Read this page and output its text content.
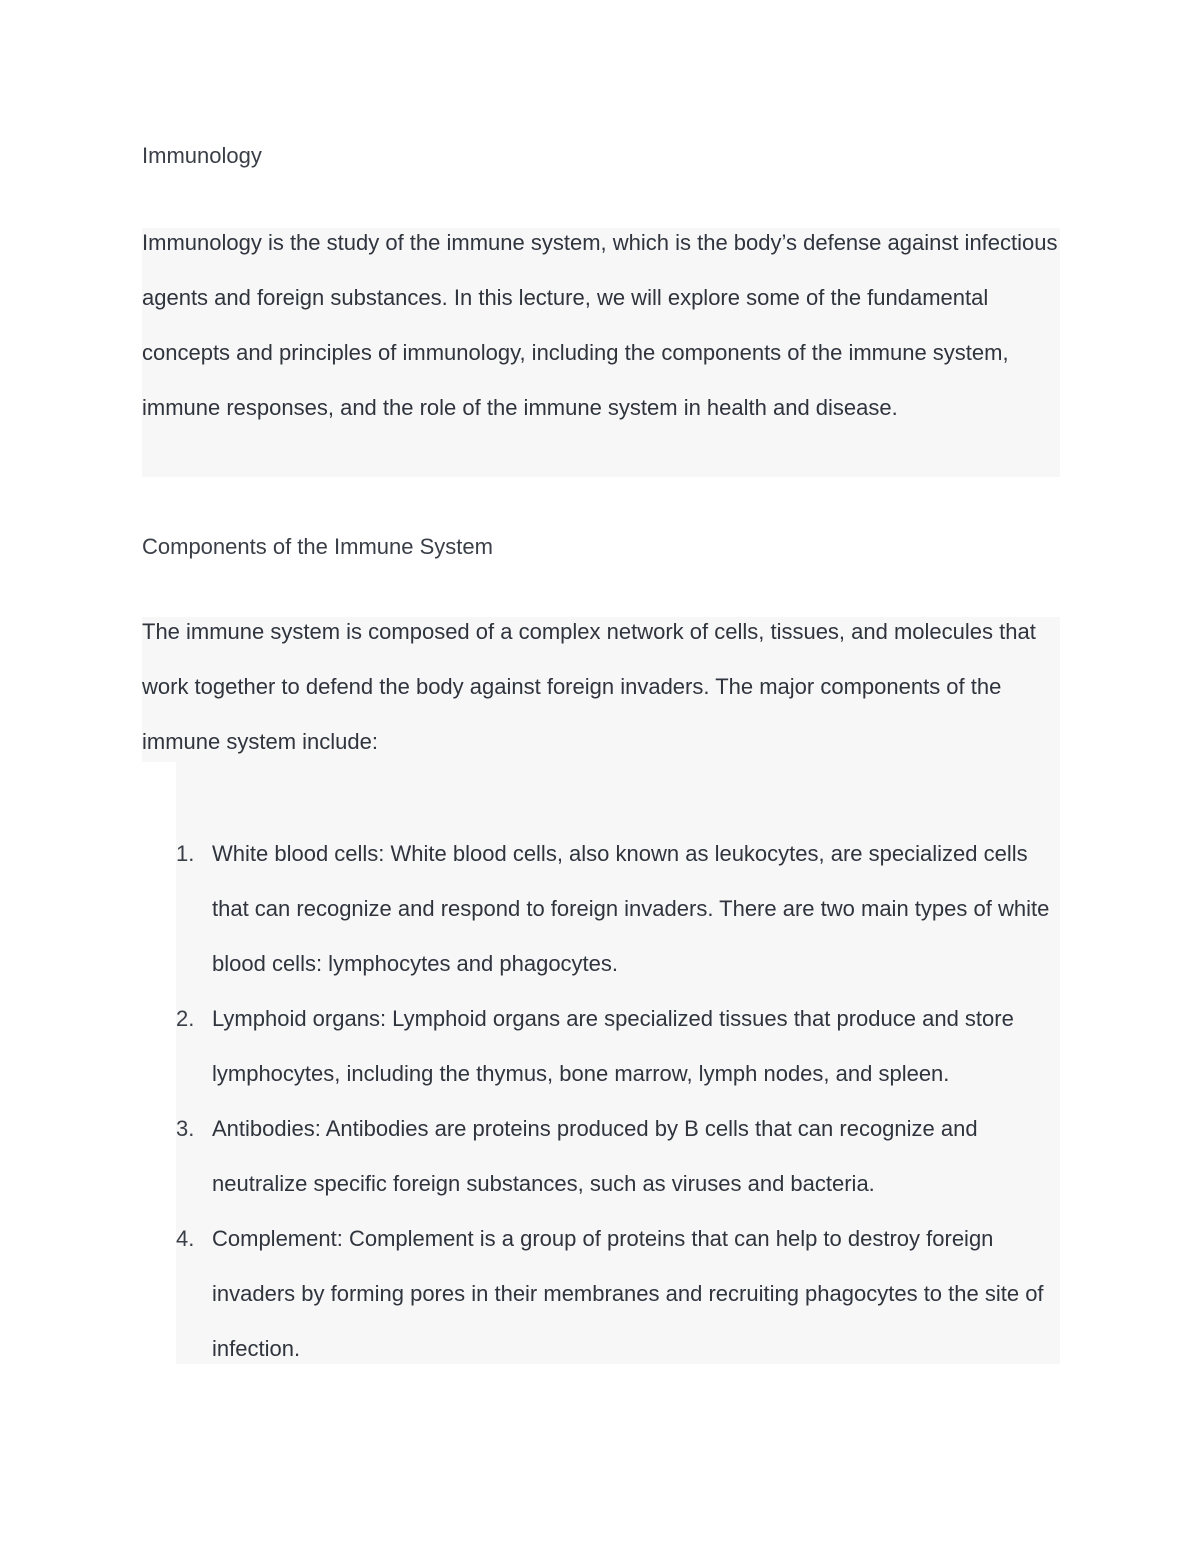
Immunology

Immunology is the study of the immune system, which is the body’s defense against infectious agents and foreign substances. In this lecture, we will explore some of the fundamental concepts and principles of immunology, including the components of the immune system, immune responses, and the role of the immune system in health and disease.

Components of the Immune System

The immune system is composed of a complex network of cells, tissues, and molecules that work together to defend the body against foreign invaders. The major components of the immune system include:

1. White blood cells: White blood cells, also known as leukocytes, are specialized cells that can recognize and respond to foreign invaders. There are two main types of white blood cells: lymphocytes and phagocytes.
2. Lymphoid organs: Lymphoid organs are specialized tissues that produce and store lymphocytes, including the thymus, bone marrow, lymph nodes, and spleen.
3. Antibodies: Antibodies are proteins produced by B cells that can recognize and neutralize specific foreign substances, such as viruses and bacteria.
4. Complement: Complement is a group of proteins that can help to destroy foreign invaders by forming pores in their membranes and recruiting phagocytes to the site of infection.
